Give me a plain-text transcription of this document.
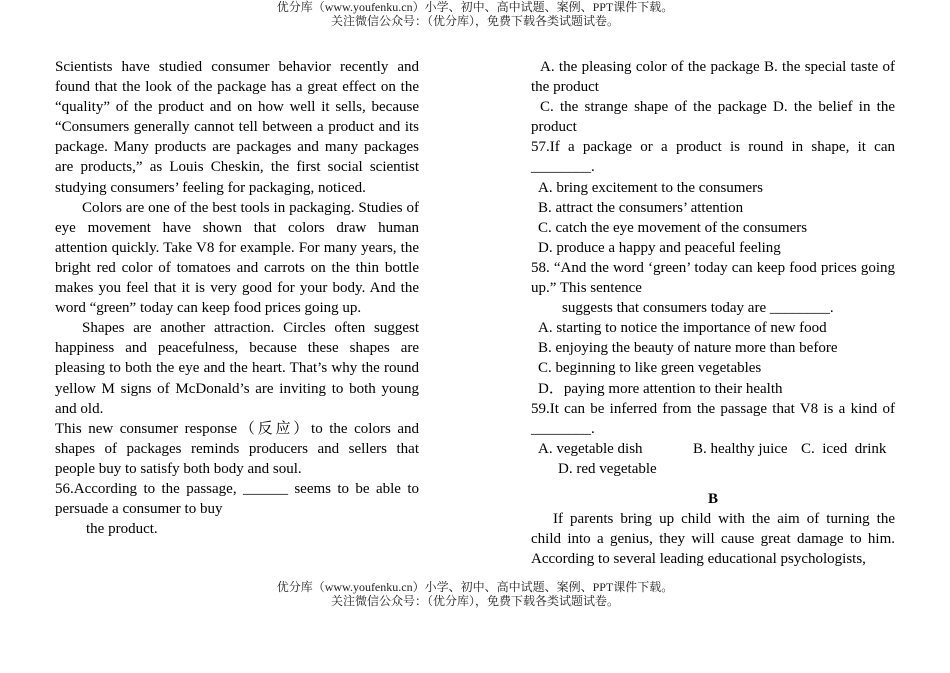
优分库（www.youfenku.cn）小学、初中、高中试题、案例、PPT课件下载。
关注微信公众号：（优分库），免费下载各类试题试卷。

Scientists have studied consumer behavior recently and found that the look of the package has a great effect on the “quality” of the product and on how well it sells, because “Consumers generally cannot tell between a product and its package. Many products are packages and many packages are products,” as Louis Cheskin, the first social scientist studying consumers’ feeling for packaging, noticed.

Colors are one of the best tools in packaging. Studies of eye movement have shown that colors draw human attention quickly. Take V8 for example. For many years, the bright red color of tomatoes and carrots on the thin bottle makes you feel that it is very good for your body. And the word “green” today can keep food prices going up.

Shapes are another attraction. Circles often suggest happiness and peacefulness, because these shapes are pleasing to both the eye and the heart. That’s why the round yellow M signs of McDonald’s are inviting to both young and old.

This new consumer response（反应）to the colors and shapes of packages reminds producers and sellers that people buy to satisfy both body and soul.

56.According to the passage, ______ seems to be able to persuade a consumer to buy

the product.

A. the pleasing color of the package B. the special taste of the product

C. the strange shape of the package D. the belief in the product

57.If a package or a product is round in shape, it can ________.

A. bring excitement to the consumers

B. attract the consumers’ attention

C. catch the eye movement of the consumers

D. produce a happy and peaceful feeling

58. “And the word ‘green’ today can keep food prices going up.” This sentence

suggests that consumers today are ________.

A. starting to notice the importance of new food

B. enjoying the beauty of nature more than before

C. beginning to like green vegetables

D．paying more attention to their health

59.It can be inferred from the passage that V8 is a kind of ________.

A. vegetable dish	B. healthy juice C.  iced  drink

D. red vegetable

B

If parents bring up child with the aim of turning the child into a genius, they will cause great damage to him. According to several leading educational psychologists,

优分库（www.youfenku.cn）小学、初中、高中试题、案例、PPT课件下载。
关注微信公众号：（优分库），免费下载各类试题试卷。
